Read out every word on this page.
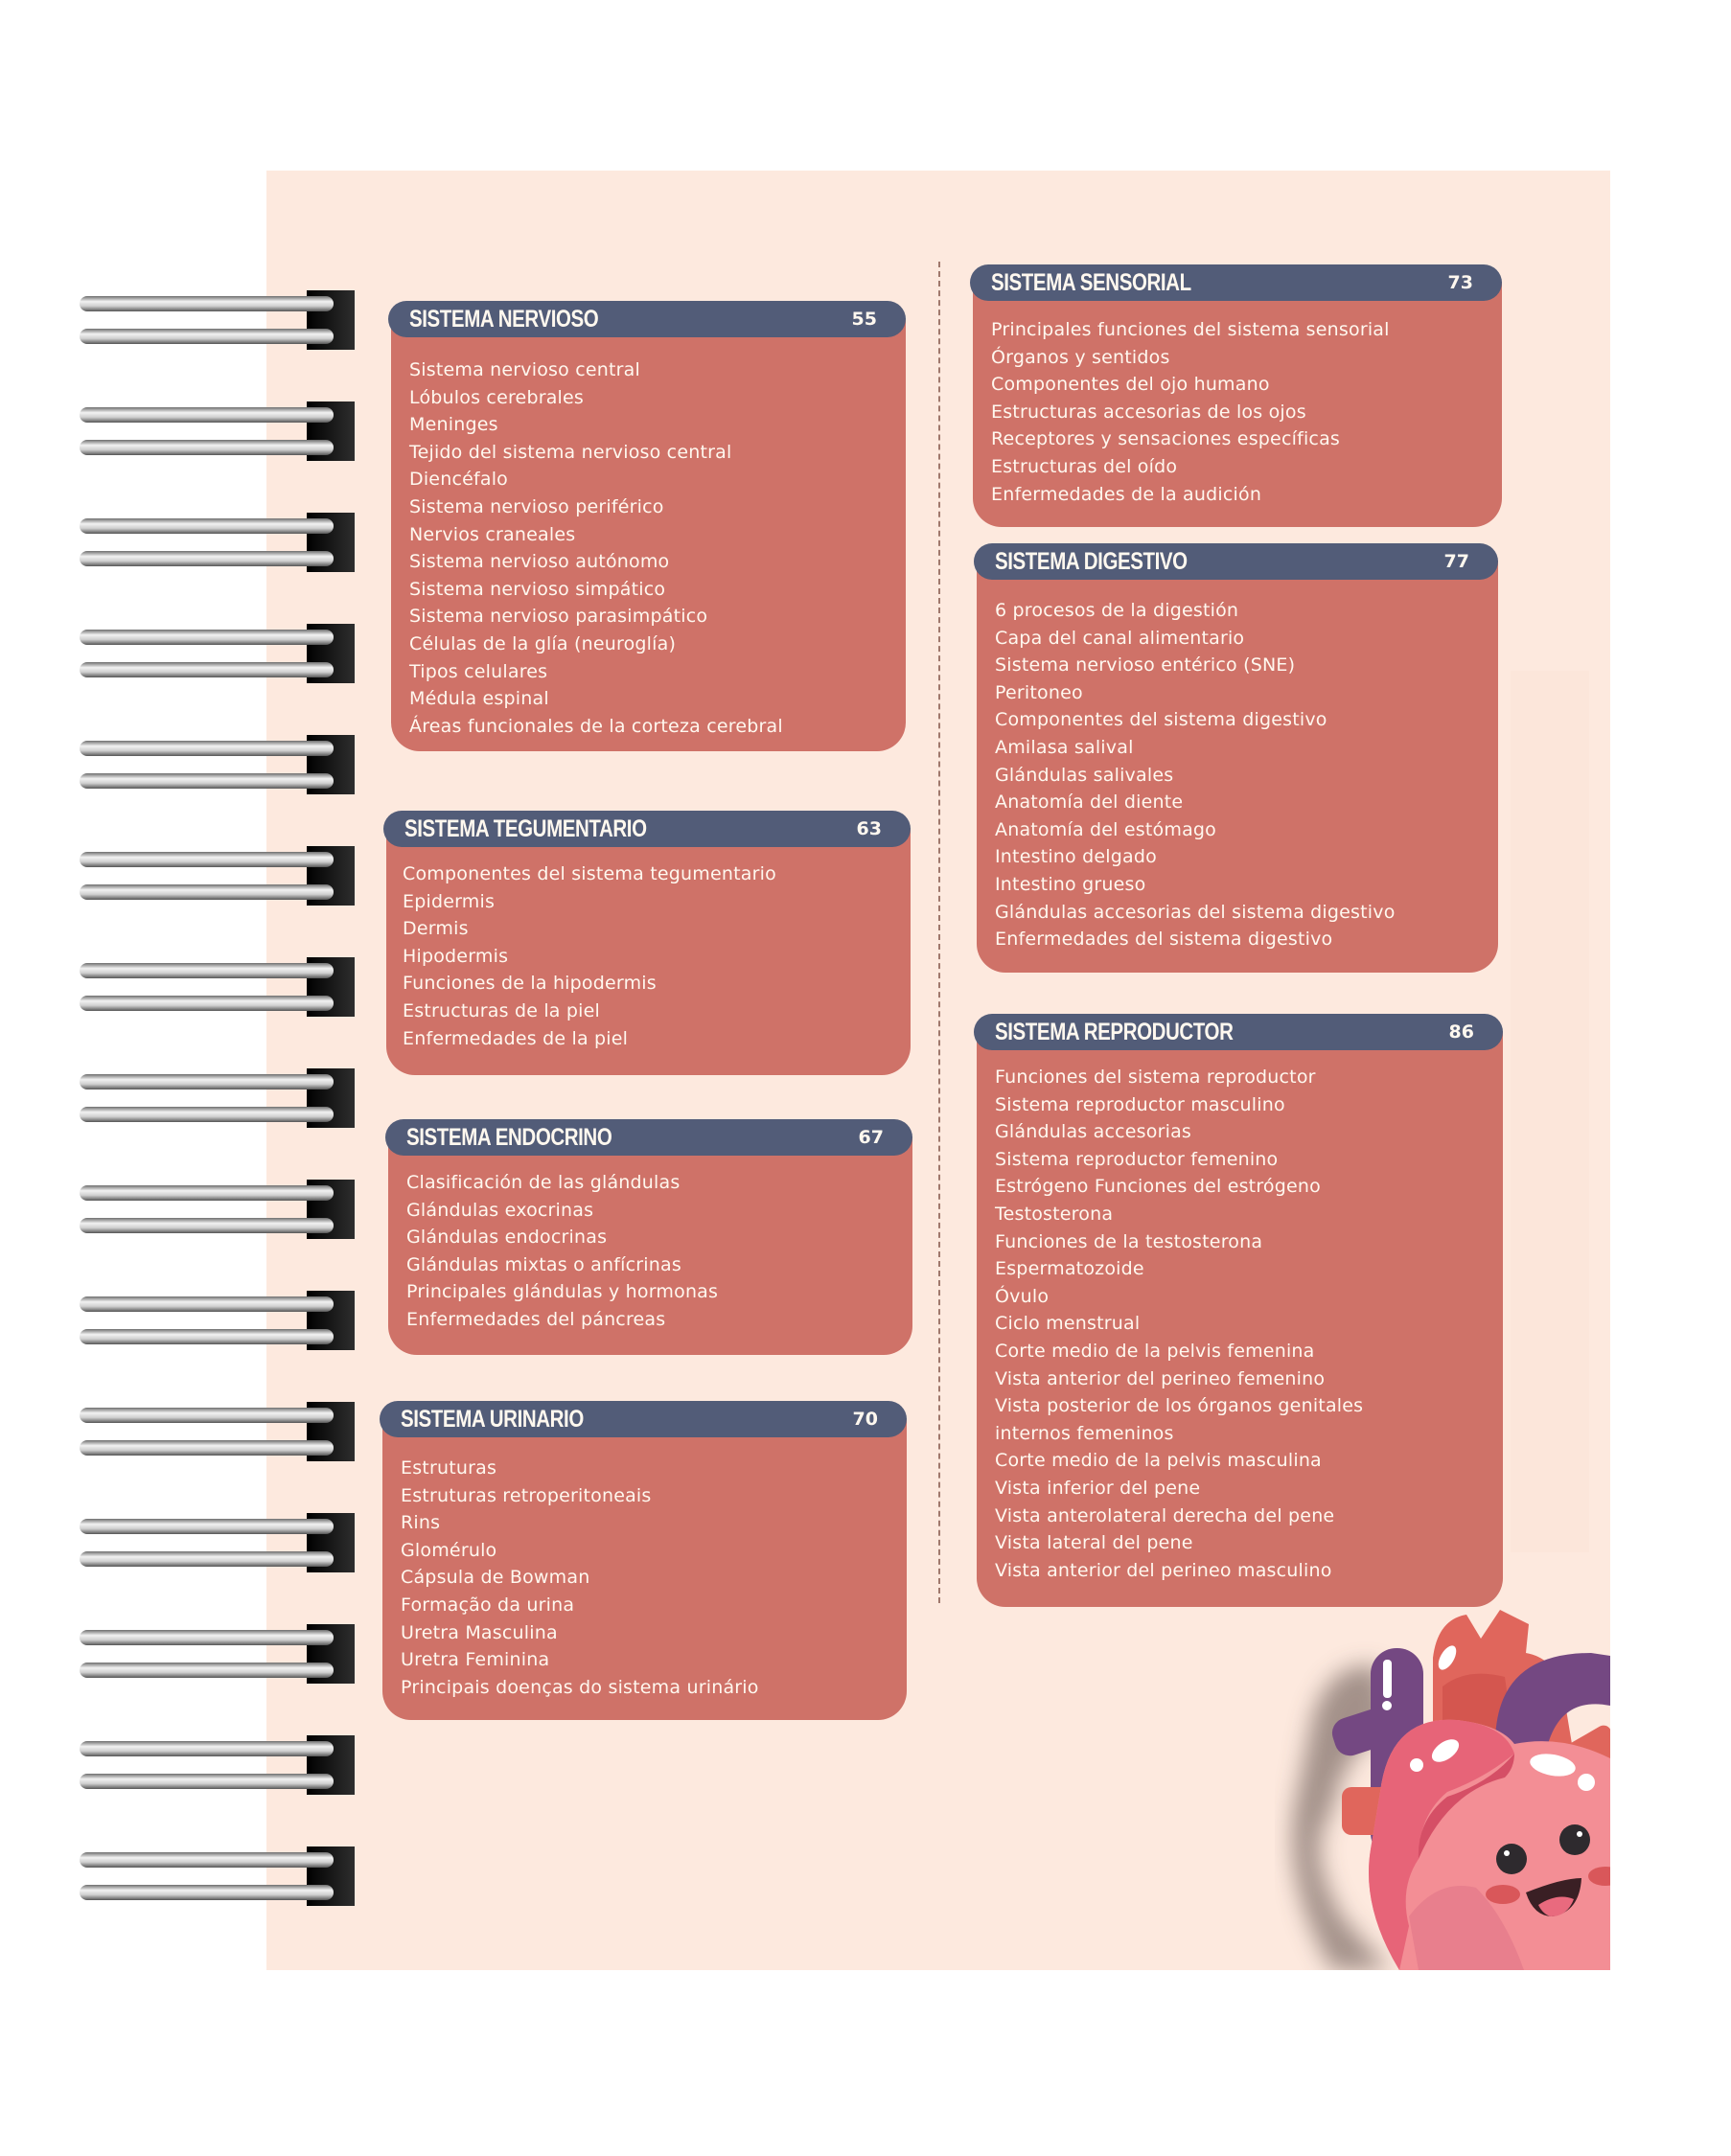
SISTEMA NERVIOSO	55
Sistema nervioso central
Lóbulos cerebrales
Meninges
Tejido del sistema nervioso central
Diencéfalo
Sistema nervioso periférico
Nervios craneales
Sistema nervioso autónomo
Sistema nervioso simpático
Sistema nervioso parasimpático
Células de la glía (neuroglía)
Tipos celulares
Médula espinal
Áreas funcionales de la corteza cerebral
SISTEMA TEGUMENTARIO	63
Componentes del sistema tegumentario
Epidermis
Dermis
Hipodermis
Funciones de la hipodermis
Estructuras de la piel
Enfermedades de la piel
SISTEMA ENDOCRINO	67
Clasificación de las glándulas
Glándulas exocrinas
Glándulas endocrinas
Glándulas mixtas o anfícrinas
Principales glándulas y hormonas
Enfermedades del páncreas
SISTEMA URINARIO	70
Estruturas
Estruturas retroperitoneais
Rins
Glomérulo
Cápsula de Bowman
Formação da urina
Uretra Masculina
Uretra Feminina
Principais doenças do sistema urinário
SISTEMA SENSORIAL	73
Principales funciones del sistema sensorial
Órganos y sentidos
Componentes del ojo humano
Estructuras accesorias de los ojos
Receptores y sensaciones específicas
Estructuras del oído
Enfermedades de la audición
SISTEMA DIGESTIVO	77
6 procesos de la digestión
Capa del canal alimentario
Sistema nervioso entérico (SNE)
Peritoneo
Componentes del sistema digestivo
Amilasa salival
Glándulas salivales
Anatomía del diente
Anatomía del estómago
Intestino delgado
Intestino grueso
Glándulas accesorias del sistema digestivo
Enfermedades del sistema digestivo
SISTEMA REPRODUCTOR	86
Funciones del sistema reproductor
Sistema reproductor masculino
Glándulas accesorias
Sistema reproductor femenino
Estrógeno Funciones del estrógeno
Testosterona
Funciones de la testosterona
Espermatozoide
Óvulo
Ciclo menstrual
Corte medio de la pelvis femenina
Vista anterior del perineo femenino
Vista posterior de los órganos genitales
internos femeninos
Corte medio de la pelvis masculina
Vista inferior del pene
Vista anterolateral derecha del pene
Vista lateral del pene
Vista anterior del perineo masculino
